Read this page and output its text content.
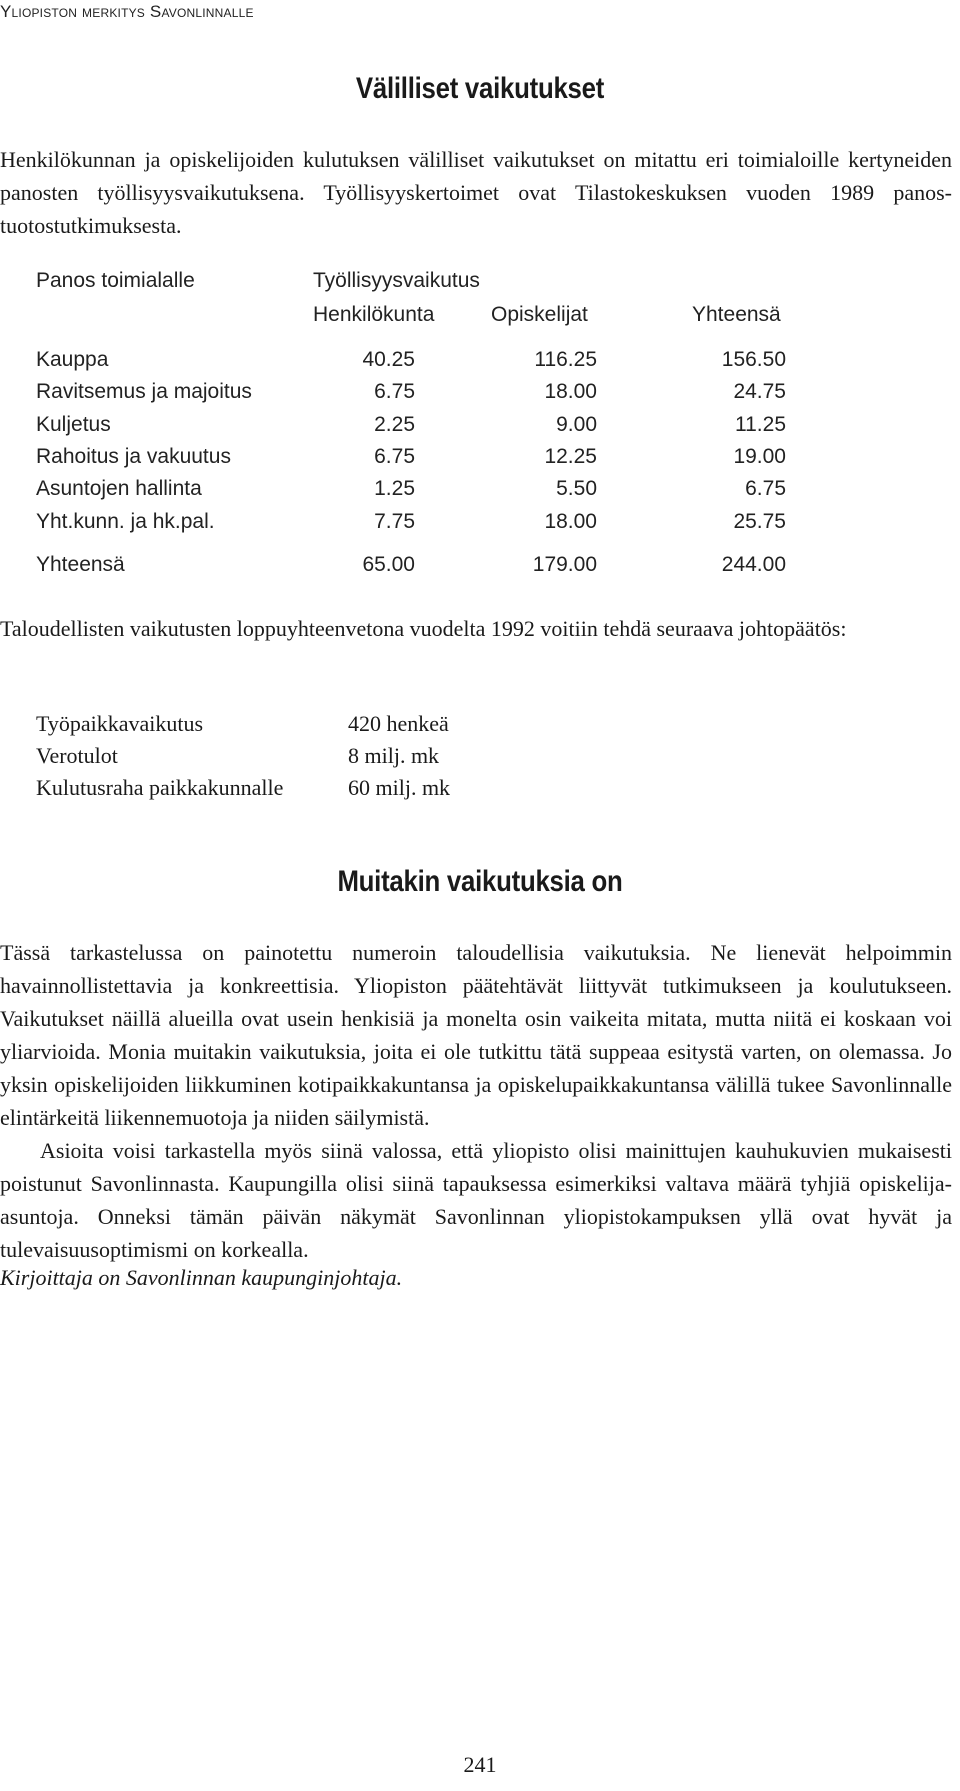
Yliopiston merkitys Savonlinnalle
Välilliset vaikutukset

Henkilökunnan ja opiskelijoiden kulutuksen välilliset vaikutukset on mitattu eri toimialoille kertyneiden panosten työllisyysvaikutuksena. Työllisyyskertoimet ovat Tilastokeskuksen vuoden 1989 panos-tuotostutkimuksesta.

Panos toimialalle	Työllisyysvaikutus
Henkilökunta	Opiskelijat	Yhteensä
Kauppa	40.25	116.25	156.50
Ravitsemus ja majoitus	6.75	18.00	24.75
Kuljetus	2.25	9.00	11.25
Rahoitus ja vakuutus	6.75	12.25	19.00
Asuntojen hallinta	1.25	5.50	6.75
Yht.kunn. ja hk.pal.	7.75	18.00	25.75
Yhteensä	65.00	179.00	244.00

Taloudellisten vaikutusten loppuyhteenvetona vuodelta 1992 voitiin tehdä seuraava johtopäätös:

Työpaikkavaikutus	420 henkeä
Verotulot	8 milj. mk
Kulutusraha paikkakunnalle	60 milj. mk
Muitakin vaikutuksia on

Tässä tarkastelussa on painotettu numeroin taloudellisia vaikutuksia. Ne lienevät helpoimmin havainnollistettavia ja konkreettisia. Yliopiston päätehtävät liittyvät tutkimukseen ja koulutukseen. Vaikutukset näillä alueilla ovat usein henkisiä ja monelta osin vaikeita mitata, mutta niitä ei koskaan voi yliarvioida. Monia muitakin vaikutuksia, joita ei ole tutkittu tätä suppeaa esitystä varten, on olemassa. Jo yksin opiskelijoiden liikkuminen kotipaikkakuntansa ja opiskelupaikkakuntansa välillä tukee Savonlinnalle elintärkeitä liikennemuotoja ja niiden säilymistä.

Asioita voisi tarkastella myös siinä valossa, että yliopisto olisi mainittujen kauhukuvien mukaisesti poistunut Savonlinnasta. Kaupungilla olisi siinä tapauksessa esimerkiksi valtava määrä tyhjiä opiskelija-asuntoja. Onneksi tämän päivän näkymät Savonlinnan yliopistokampuksen yllä ovat hyvät ja tulevaisuusoptimismi on korkealla.

Kirjoittaja on Savonlinnan kaupunginjohtaja.
241
